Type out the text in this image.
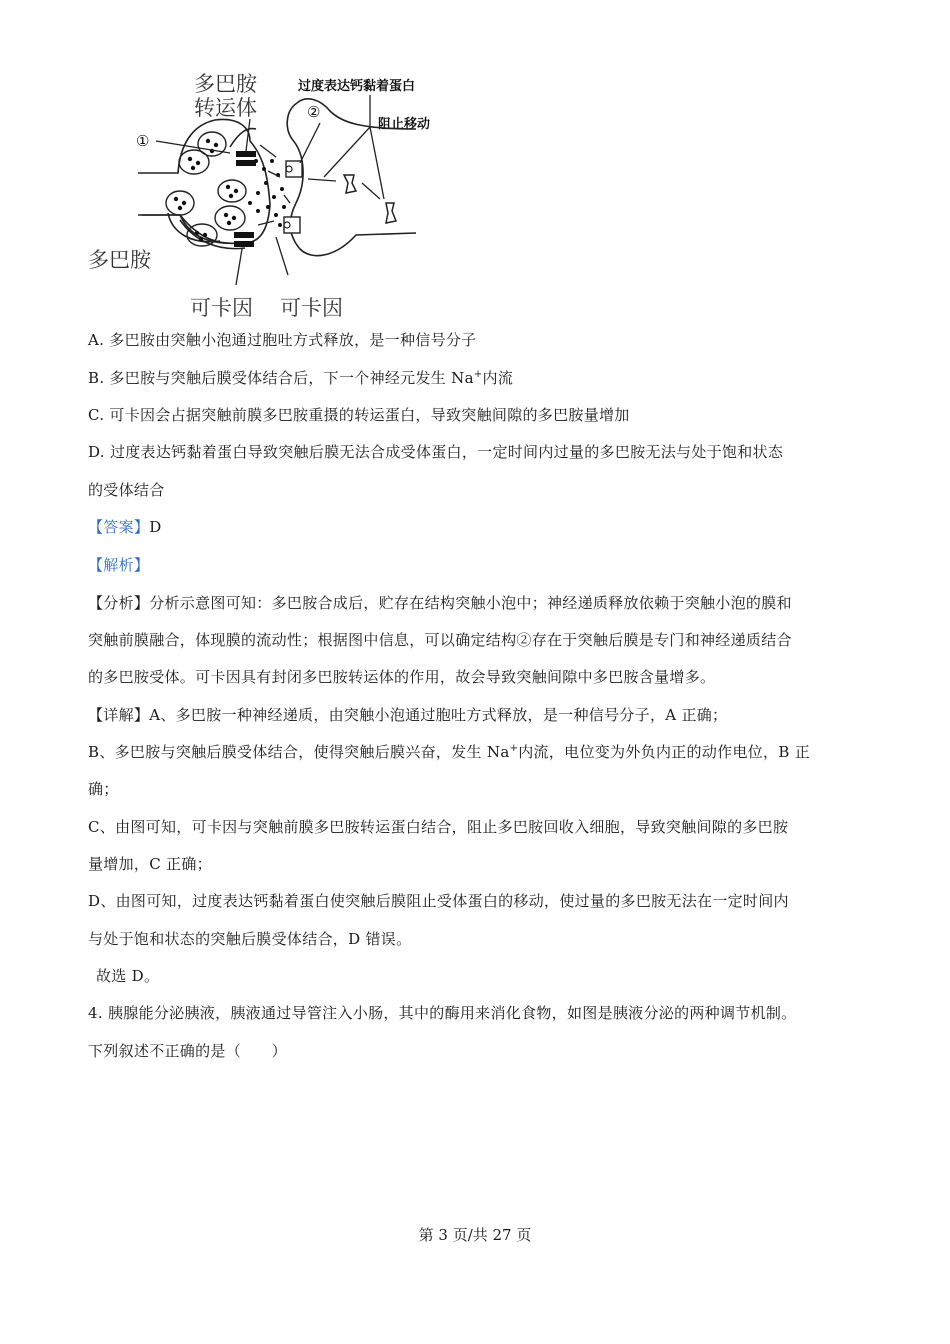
多巴胺
转运体
过度表达钙黏着蛋白
阻止移动
①
②
多巴胺
可卡因 可卡因
A. 多巴胺由突触小泡通过胞吐方式释放，是一种信号分子
B. 多巴胺与突触后膜受体结合后，下一个神经元发生 Na+内流
C. 可卡因会占据突触前膜多巴胺重摄的转运蛋白，导致突触间隙的多巴胺量增加
D. 过度表达钙黏着蛋白导致突触后膜无法合成受体蛋白，一定时间内过量的多巴胺无法与处于饱和状态
的受体结合
【答案】D
【解析】
【分析】分析示意图可知：多巴胺合成后，贮存在结构突触小泡中；神经递质释放依赖于突触小泡的膜和
突触前膜融合，体现膜的流动性；根据图中信息，可以确定结构②存在于突触后膜是专门和神经递质结合
的多巴胺受体。可卡因具有封闭多巴胺转运体的作用，故会导致突触间隙中多巴胺含量增多。
【详解】A、多巴胺一种神经递质，由突触小泡通过胞吐方式释放，是一种信号分子，A 正确；
B、多巴胺与突触后膜受体结合，使得突触后膜兴奋，发生 Na+内流，电位变为外负内正的动作电位，B 正
确；
C、由图可知，可卡因与突触前膜多巴胺转运蛋白结合，阻止多巴胺回收入细胞，导致突触间隙的多巴胺
量增加，C 正确；
D、由图可知，过度表达钙黏着蛋白使突触后膜阻止受体蛋白的移动，使过量的多巴胺无法在一定时间内
与处于饱和状态的突触后膜受体结合，D 错误。
故选 D。
4. 胰腺能分泌胰液，胰液通过导管注入小肠，其中的酶用来消化食物，如图是胰液分泌的两种调节机制。
下列叙述不正确的是（　　）
第 3 页/共 27 页
